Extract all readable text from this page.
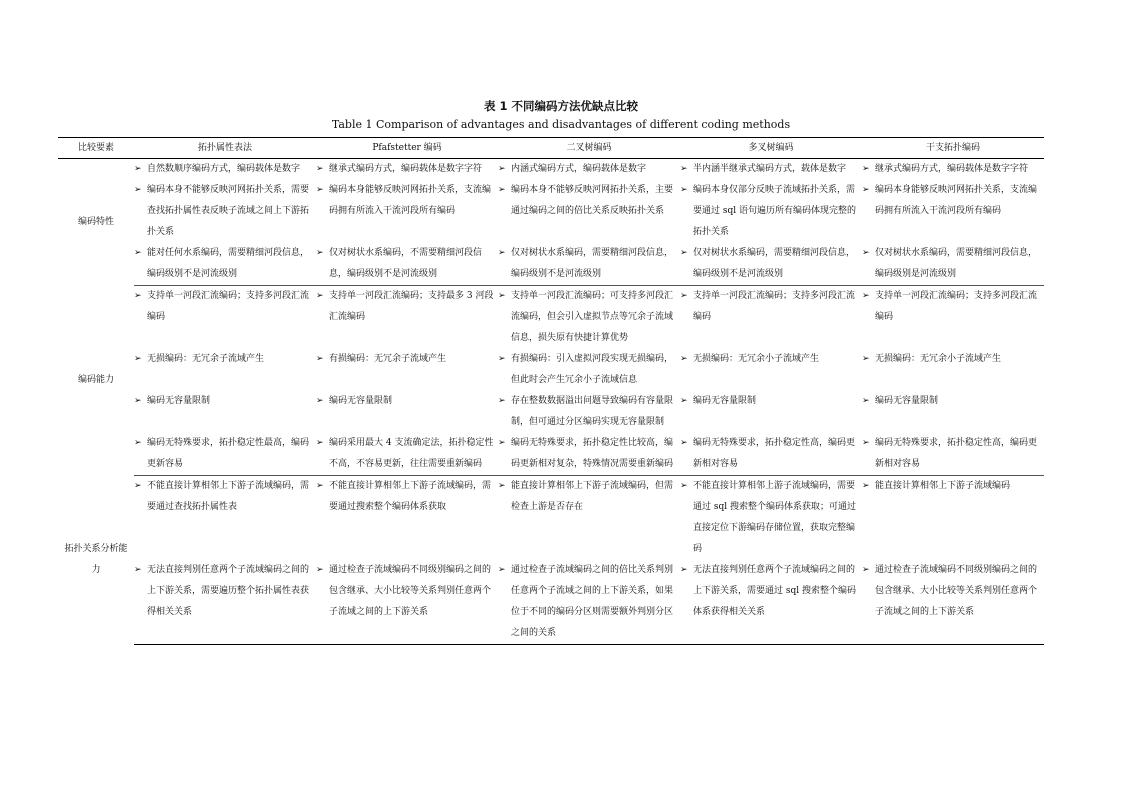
表 1 不同编码方法优缺点比较
Table 1 Comparison of advantages and disadvantages of different coding methods
比较要素	拓扑属性表法	Pfafstetter 编码	二叉树编码	多叉树编码	干支拓扑编码
编码特性	➢ 自然数顺序编码方式，编码载体是数字	➢ 继承式编码方式，编码载体是数字字符	➢ 内涵式编码方式，编码载体是数字	➢ 半内涵半继承式编码方式，载体是数字	➢ 继承式编码方式，编码载体是数字字符

	➢ 编码本身不能够反映河网拓扑关系，需要查找拓扑属性表反映子流域之间上下游拓扑关系	➢ 编码本身能够反映河网拓扑关系，支流编码拥有所流入干流河段所有编码	➢ 编码本身不能够反映河网拓扑关系，主要通过编码之间的倍比关系反映拓扑关系	➢ 编码本身仅部分反映子流域拓扑关系，需要通过 sql 语句遍历所有编码体现完整的拓扑关系	➢ 编码本身能够反映河网拓扑关系，支流编码拥有所流入干流河段所有编码

	➢ 能对任何水系编码，需要精细河段信息，编码级别不是河流级别	➢ 仅对树状水系编码，不需要精细河段信息，编码级别不是河流级别	➢ 仅对树状水系编码，需要精细河段信息，编码级别不是河流级别	➢ 仅对树状水系编码，需要精细河段信息，编码级别不是河流级别	➢ 仅对树状水系编码，需要精细河段信息，编码级别是河流级别

编码能力	➢ 支持单一河段汇流编码；支持多河段汇流编码	➢ 支持单一河段汇流编码；支持最多 3 河段汇流编码	➢ 支持单一河段汇流编码；可支持多河段汇流编码，但会引入虚拟节点等冗余子流域信息，损失原有快捷计算优势	➢ 支持单一河段汇流编码；支持多河段汇流编码	➢ 支持单一河段汇流编码；支持多河段汇流编码

	➢ 无损编码：无冗余子流域产生	➢ 有损编码：无冗余子流域产生	➢ 有损编码：引入虚拟河段实现无损编码，但此时会产生冗余小子流域信息	➢ 无损编码：无冗余小子流域产生	➢ 无损编码：无冗余小子流域产生

	➢ 编码无容量限制	➢ 编码无容量限制	➢ 存在整数数据溢出问题导致编码有容量限制，但可通过分区编码实现无容量限制	➢ 编码无容量限制	➢ 编码无容量限制

	➢ 编码无特殊要求，拓扑稳定性最高，编码更新容易	➢ 编码采用最大 4 支流确定法，拓扑稳定性不高，不容易更新，往往需要重新编码	➢ 编码无特殊要求，拓扑稳定性比较高，编码更新相对复杂，特殊情况需要重新编码	➢ 编码无特殊要求，拓扑稳定性高，编码更新相对容易	➢ 编码无特殊要求，拓扑稳定性高，编码更新相对容易

拓扑关系分析能力	➢ 不能直接计算相邻上下游子流域编码，需要通过查找拓扑属性表	➢ 不能直接计算相邻上下游子流域编码，需要通过搜索整个编码体系获取	➢ 能直接计算相邻上下游子流域编码，但需检查上游是否存在	➢ 不能直接计算相邻上游子流域编码，需要通过 sql 搜索整个编码体系获取；可通过直接定位下游编码存储位置，获取完整编码	➢ 能直接计算相邻上下游子流域编码

	➢ 无法直接判别任意两个子流域编码之间的上下游关系，需要遍历整个拓扑属性表获得相关关系	➢ 通过检查子流域编码不同级别编码之间的包含继承、大小比较等关系判别任意两个子流域之间的上下游关系	➢ 通过检查子流域编码之间的倍比关系判别任意两个子流域之间的上下游关系，如果位于不同的编码分区则需要额外判别分区之间的关系	➢ 无法直接判别任意两个子流域编码之间的上下游关系，需要通过 sql 搜索整个编码体系获得相关关系	➢ 通过检查子流域编码不同级别编码之间的包含继承、大小比较等关系判别任意两个子流域之间的上下游关系
